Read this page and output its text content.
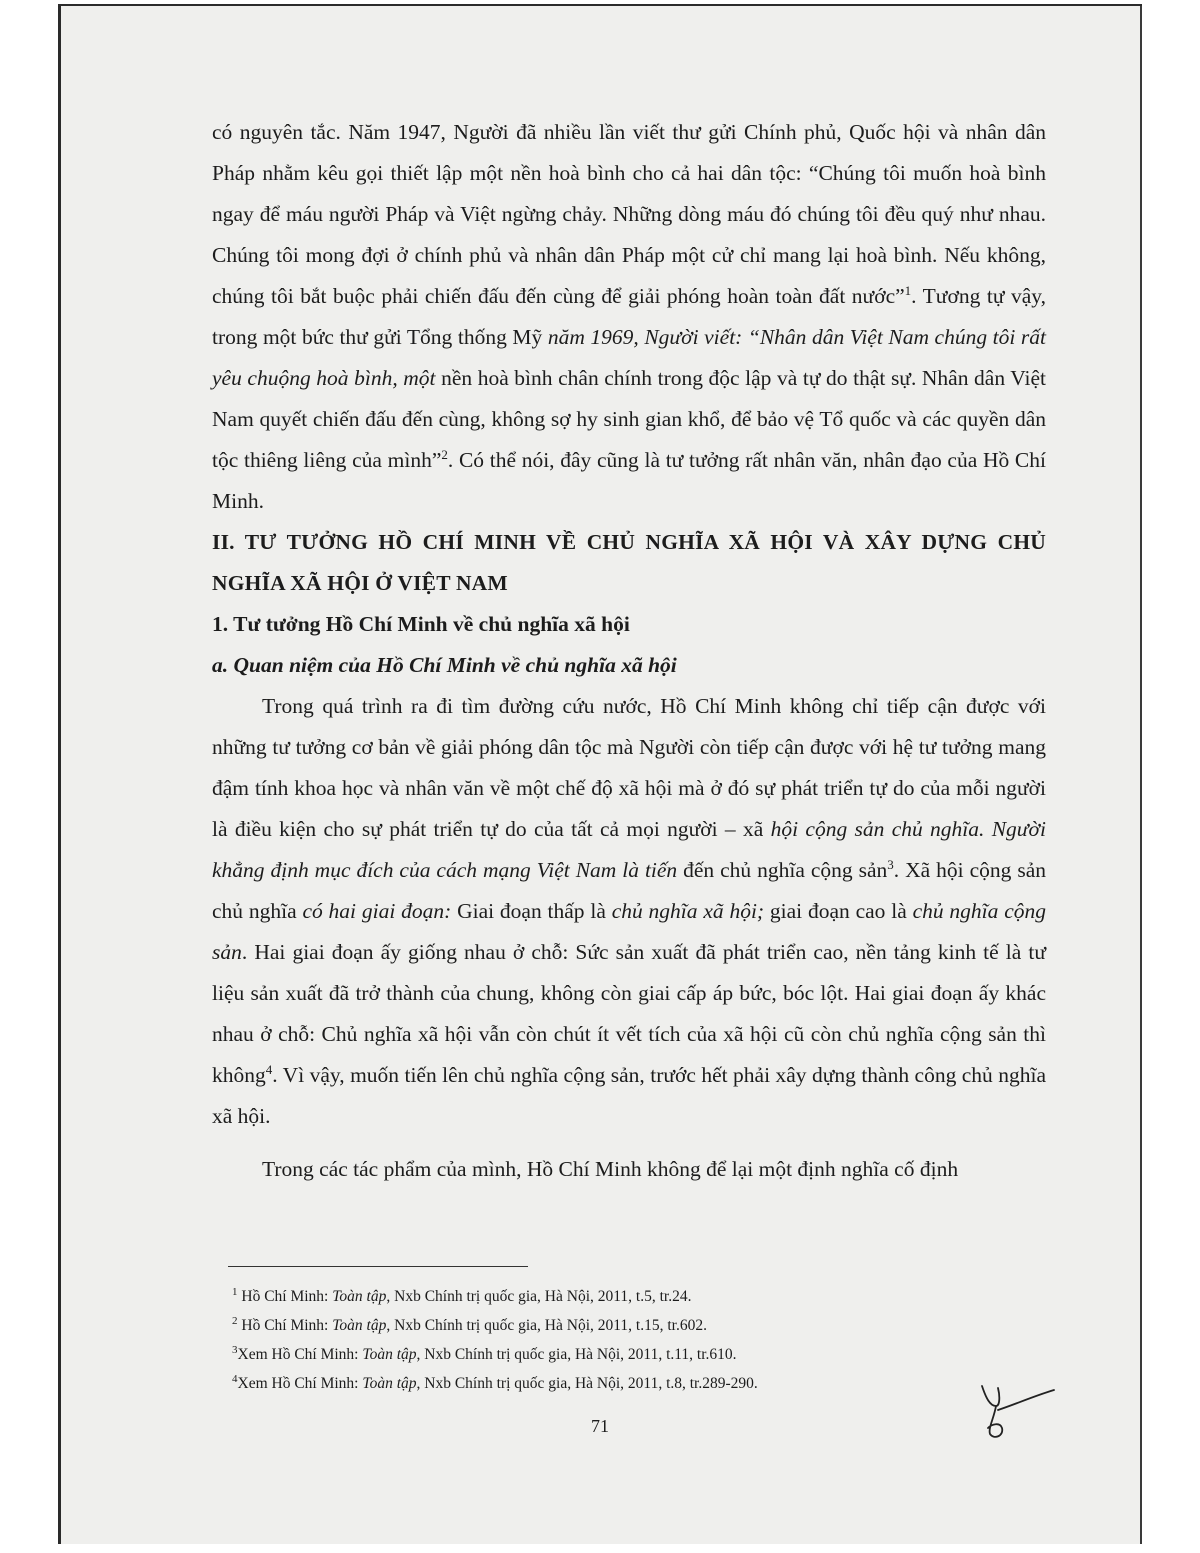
có nguyên tắc. Năm 1947, Người đã nhiều lần viết thư gửi Chính phủ, Quốc hội và nhân dân Pháp nhằm kêu gọi thiết lập một nền hoà bình cho cả hai dân tộc: “Chúng tôi muốn hoà bình ngay để máu người Pháp và Việt ngừng chảy. Những dòng máu đó chúng tôi đều quý như nhau. Chúng tôi mong đợi ở chính phủ và nhân dân Pháp một cử chỉ mang lại hoà bình. Nếu không, chúng tôi bắt buộc phải chiến đấu đến cùng để giải phóng hoàn toàn đất nước”$^1$. Tương tự vậy, trong một bức thư gửi Tổng thống Mỹ năm 1969, Người viết: “Nhân dân Việt Nam chúng tôi rất yêu chuộng hoà bình, một nền hoà bình chân chính trong độc lập và tự do thật sự. Nhân dân Việt Nam quyết chiến đấu đến cùng, không sợ hy sinh gian khổ, để bảo vệ Tổ quốc và các quyền dân tộc thiêng liêng của mình”$^2$. Có thể nói, đây cũng là tư tưởng rất nhân văn, nhân đạo của Hồ Chí Minh.

II. TƯ TƯỞNG HỒ CHÍ MINH VỀ CHỦ NGHĨA XÃ HỘI VÀ XÂY DỰNG CHỦ NGHĨA XÃ HỘI Ở VIỆT NAM

1. Tư tưởng Hồ Chí Minh về chủ nghĩa xã hội

a. Quan niệm của Hồ Chí Minh về chủ nghĩa xã hội

Trong quá trình ra đi tìm đường cứu nước, Hồ Chí Minh không chỉ tiếp cận được với những tư tưởng cơ bản về giải phóng dân tộc mà Người còn tiếp cận được với hệ tư tưởng mang đậm tính khoa học và nhân văn về một chế độ xã hội mà ở đó sự phát triển tự do của mỗi người là điều kiện cho sự phát triển tự do của tất cả mọi người – xã hội cộng sản chủ nghĩa. Người khẳng định mục đích của cách mạng Việt Nam là tiến đến chủ nghĩa cộng sản$^3$. Xã hội cộng sản chủ nghĩa có hai giai đoạn: Giai đoạn thấp là chủ nghĩa xã hội; giai đoạn cao là chủ nghĩa cộng sản. Hai giai đoạn ấy giống nhau ở chỗ: Sức sản xuất đã phát triển cao, nền tảng kinh tế là tư liệu sản xuất đã trở thành của chung, không còn giai cấp áp bức, bóc lột. Hai giai đoạn ấy khác nhau ở chỗ: Chủ nghĩa xã hội vẫn còn chút ít vết tích của xã hội cũ còn chủ nghĩa cộng sản thì không$^4$. Vì vậy, muốn tiến lên chủ nghĩa cộng sản, trước hết phải xây dựng thành công chủ nghĩa xã hội.

Trong các tác phẩm của mình, Hồ Chí Minh không để lại một định nghĩa cố định

$^1$ Hồ Chí Minh: Toàn tập, Nxb Chính trị quốc gia, Hà Nội, 2011, t.5, tr.24.

$^2$ Hồ Chí Minh: Toàn tập, Nxb Chính trị quốc gia, Hà Nội, 2011, t.15, tr.602.

$^3$Xem Hồ Chí Minh: Toàn tập, Nxb Chính trị quốc gia, Hà Nội, 2011, t.11, tr.610.

$^4$Xem Hồ Chí Minh: Toàn tập, Nxb Chính trị quốc gia, Hà Nội, 2011, t.8, tr.289-290.

71
